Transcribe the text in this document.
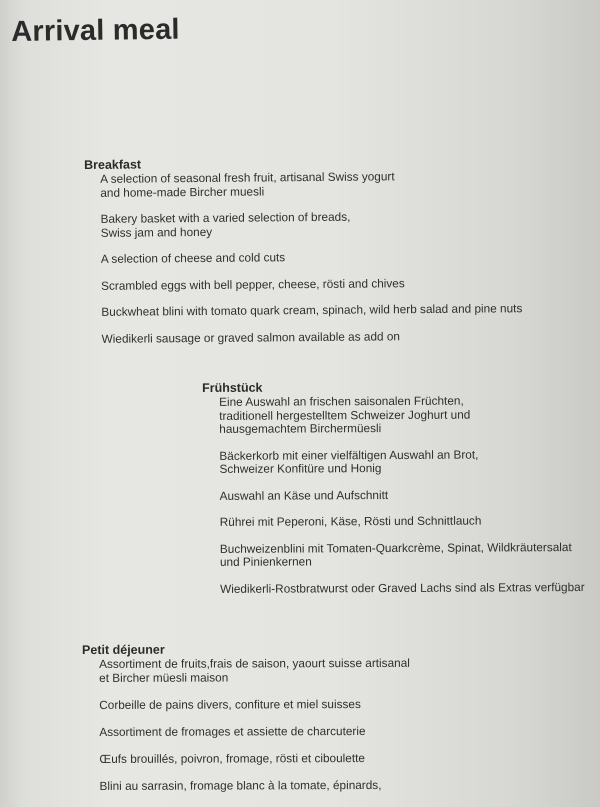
Arrival meal
Breakfast
A selection of seasonal fresh fruit, artisanal Swiss yogurt
and home-made Bircher muesli
Bakery basket with a varied selection of breads,
Swiss jam and honey
A selection of cheese and cold cuts
Scrambled eggs with bell pepper, cheese, rösti and chives
Buckwheat blini with tomato quark cream, spinach, wild herb salad and pine nuts
Wiedikerli sausage or graved salmon available as add on
Frühstück
Eine Auswahl an frischen saisonalen Früchten,
traditionell hergestelltem Schweizer Joghurt und
hausgemachtem Birchermüesli
Bäckerkorb mit einer vielfältigen Auswahl an Brot,
Schweizer Konfitüre und Honig
Auswahl an Käse und Aufschnitt
Rührei mit Peperoni, Käse, Rösti und Schnittlauch
Buchweizenblini mit Tomaten-Quarkcrème, Spinat, Wildkräutersalat
und Pinienkernen
Wiedikerli-Rostbratwurst oder Graved Lachs sind als Extras verfügbar
Petit déjeuner
Assortiment de fruits,frais de saison, yaourt suisse artisanal
et Bircher müesli maison
Corbeille de pains divers, confiture et miel suisses
Assortiment de fromages et assiette de charcuterie
Œufs brouillés, poivron, fromage, rösti et ciboulette
Blini au sarrasin, fromage blanc à la tomate, épinards,
